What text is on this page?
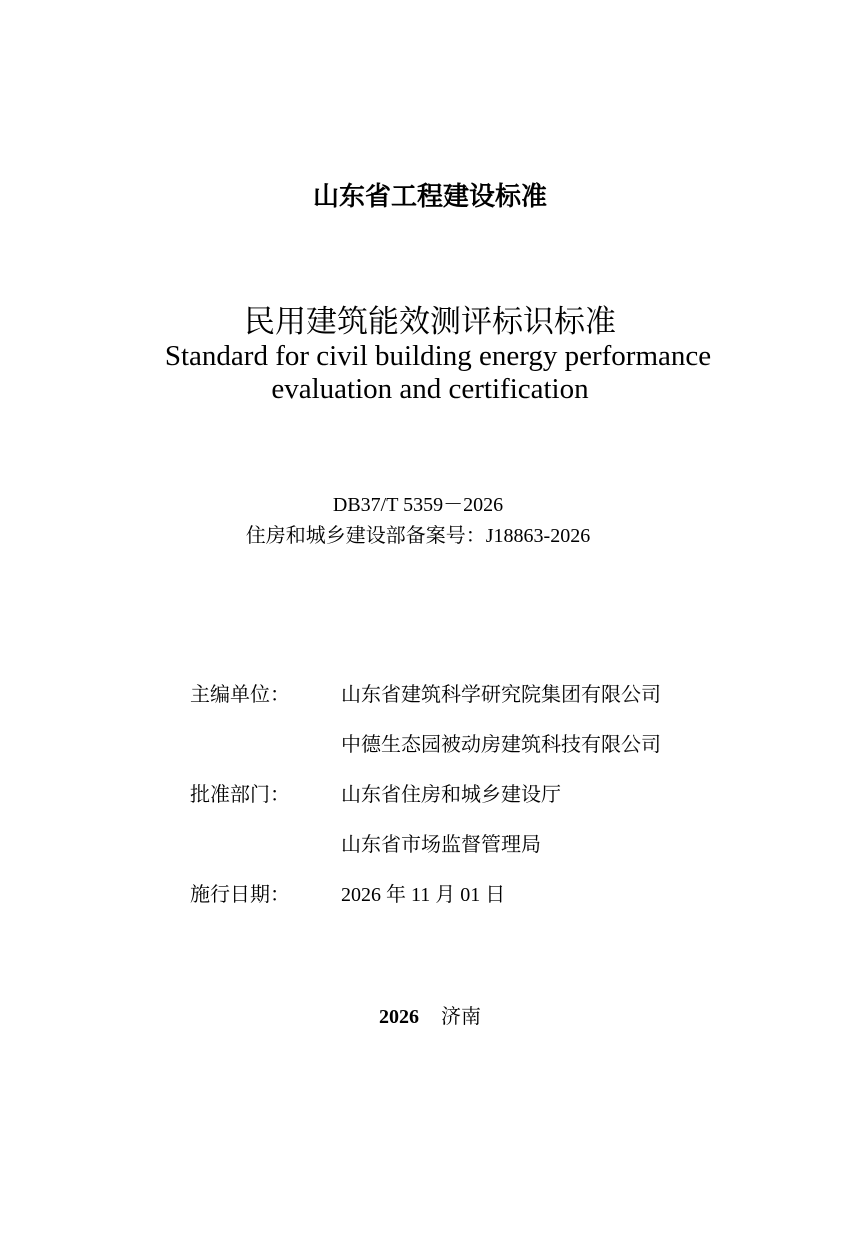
山东省工程建设标准
民用建筑能效测评标识标准
Standard for civil building energy performance
evaluation and certification
DB37/T 5359－2026
住房和城乡建设部备案号：J18863-2026
主编单位：	山东省建筑科学研究院集团有限公司
中德生态园被动房建筑科技有限公司
批准部门：	山东省住房和城乡建设厅
山东省市场监督管理局
施行日期：	2026 年 11 月 01 日
2026 济南
